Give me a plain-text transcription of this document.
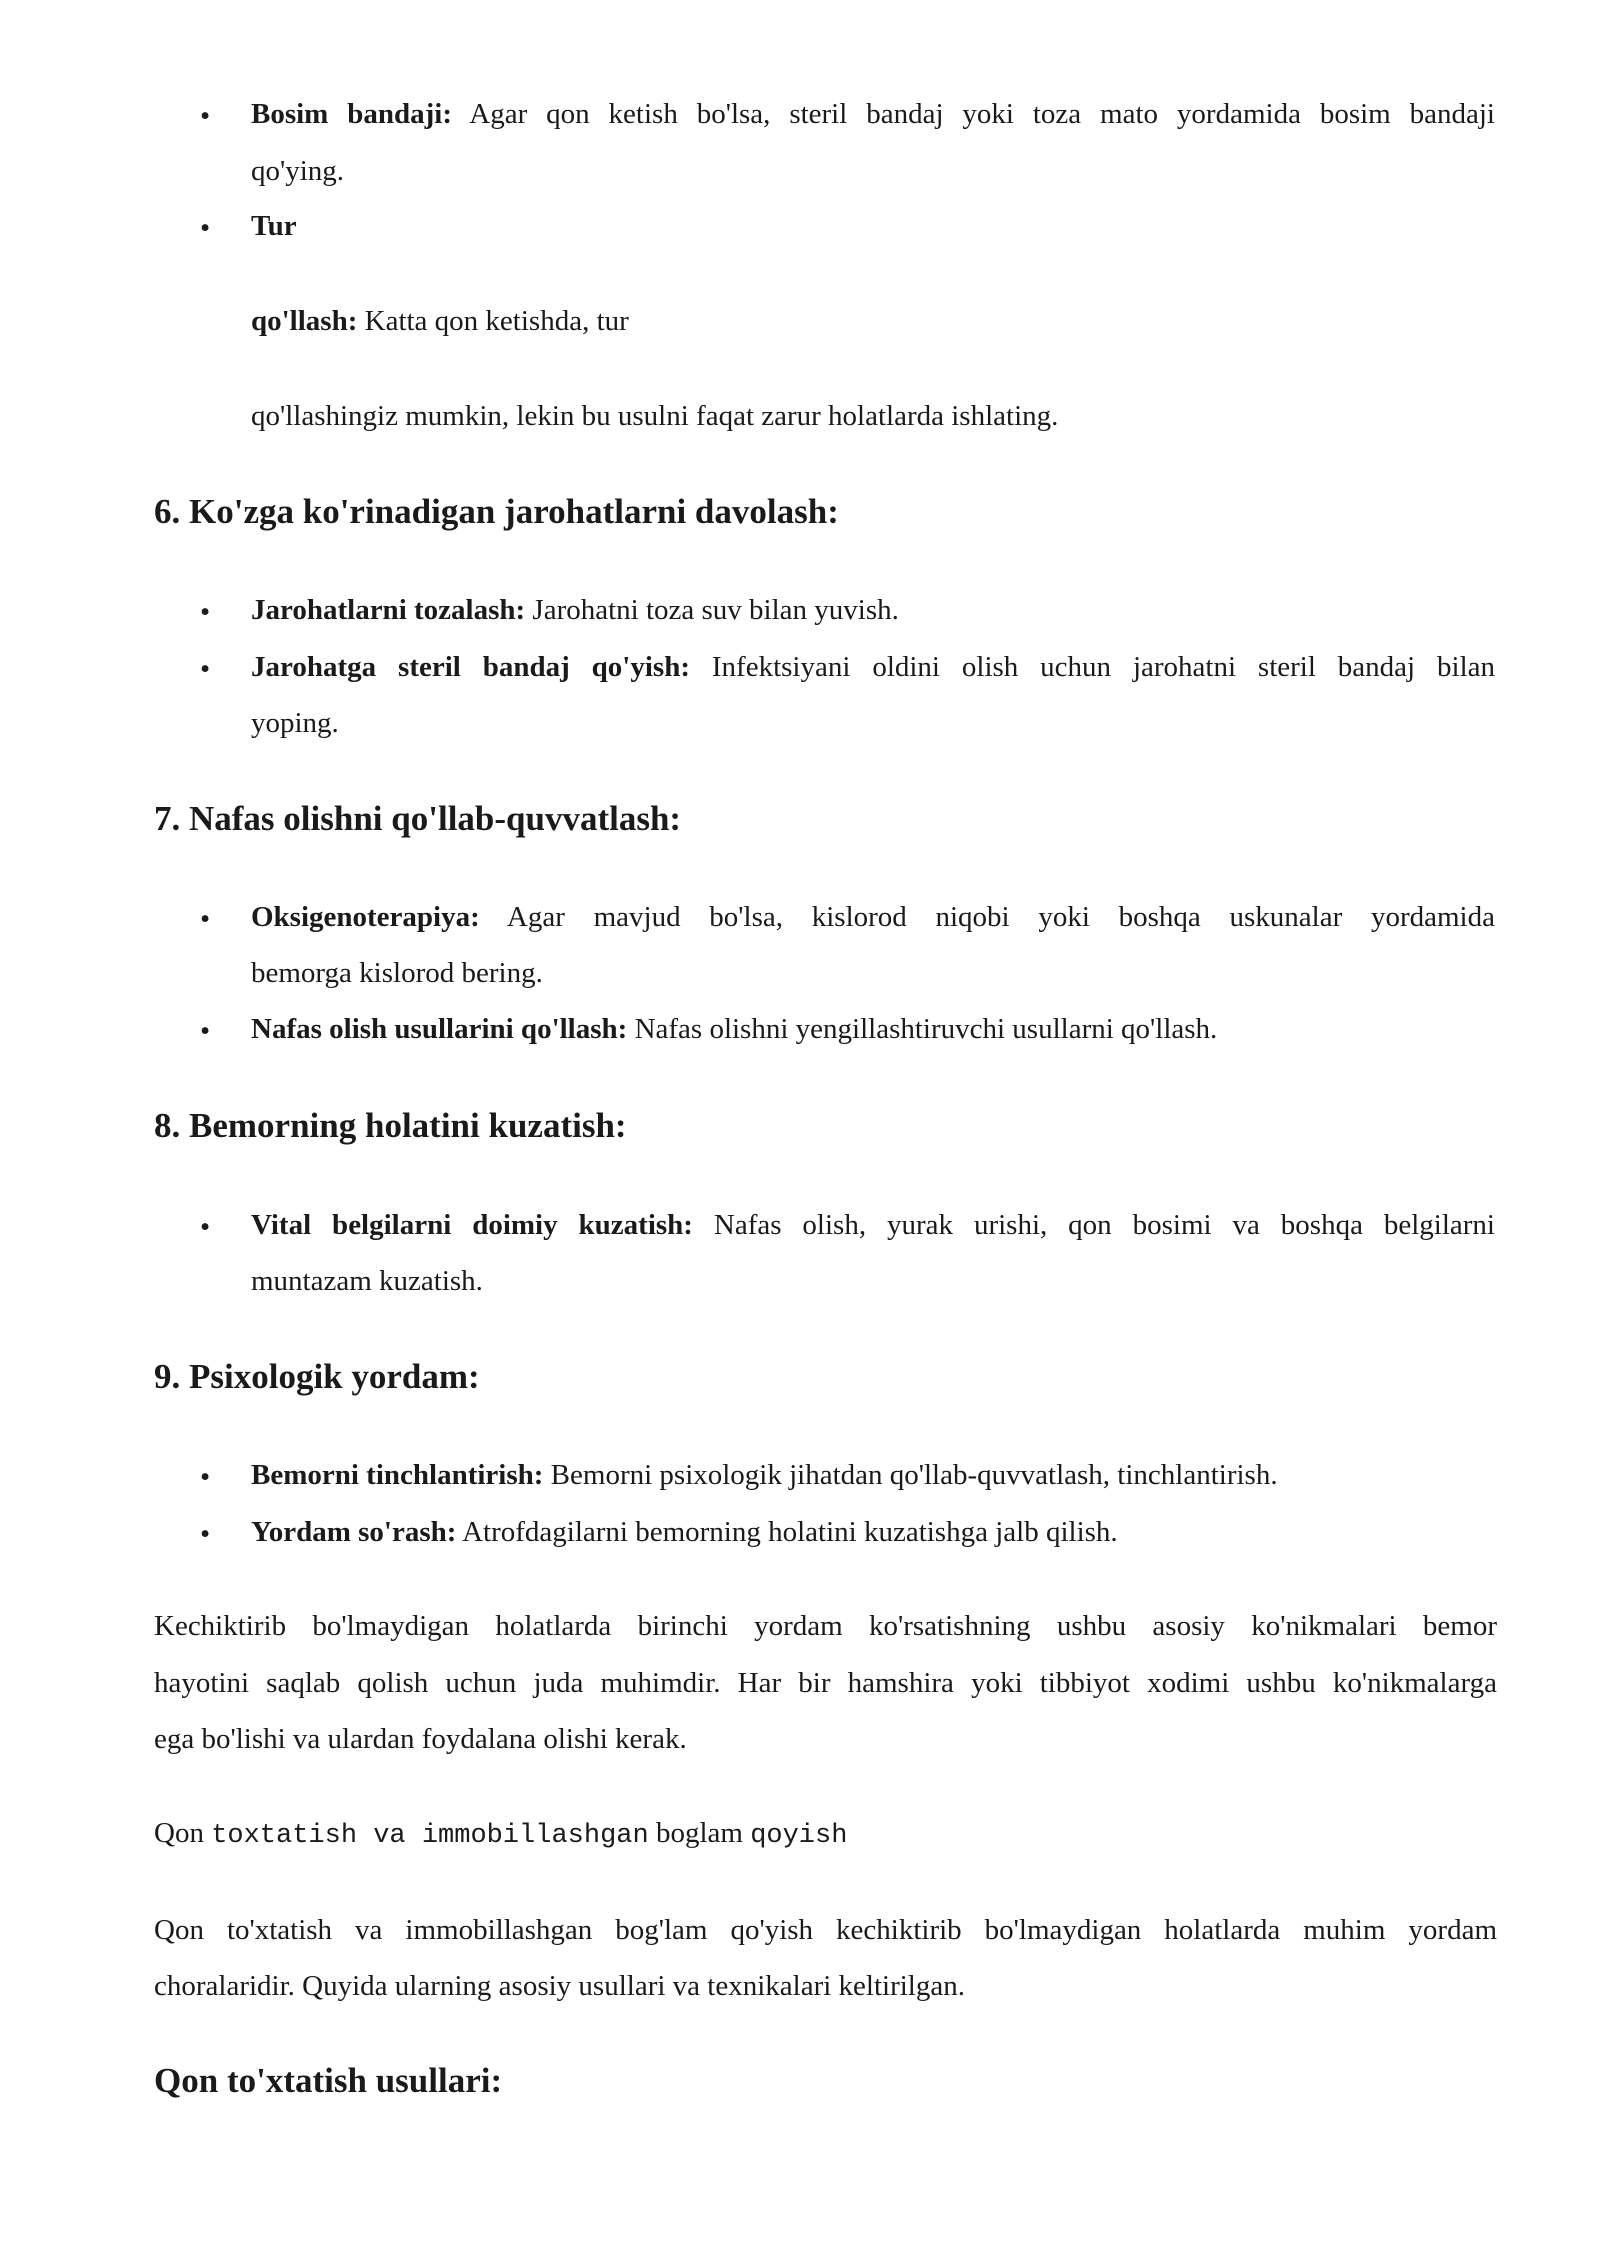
•	Bosim bandaji: Agar qon ketish bo'lsa, steril bandaj yoki toza mato yordamida bosim bandaji

qo'ying.

•	Tur

qo'llash: Katta qon ketishda, tur

qo'llashingiz mumkin, lekin bu usulni faqat zarur holatlarda ishlating.

6. Ko'zga ko'rinadigan jarohatlarni davolash:
•	Jarohatlarni tozalash: Jarohatni toza suv bilan yuvish.

•	Jarohatga steril bandaj qo'yish: Infektsiyani oldini olish uchun jarohatni steril bandaj bilan

yoping.

7. Nafas olishni qo'llab-quvvatlash:
•	Oksigenoterapiya: Agar mavjud bo'lsa, kislorod niqobi yoki boshqa uskunalar yordamida

bemorga kislorod bering.

•	Nafas olish usullarini qo'llash: Nafas olishni yengillashtiruvchi usullarni qo'llash.

8. Bemorning holatini kuzatish:
•	Vital belgilarni doimiy kuzatish: Nafas olish, yurak urishi, qon bosimi va boshqa belgilarni

muntazam kuzatish.

9. Psixologik yordam:
•	Bemorni tinchlantirish: Bemorni psixologik jihatdan qo'llab-quvvatlash, tinchlantirish.

•	Yordam so'rash: Atrofdagilarni bemorning holatini kuzatishga jalb qilish.

Kechiktirib bo'lmaydigan holatlarda birinchi yordam ko'rsatishning ushbu asosiy ko'nikmalari bemor

hayotini saqlab qolish uchun juda muhimdir. Har bir hamshira yoki tibbiyot xodimi ushbu ko'nikmalarga

ega bo'lishi va ulardan foydalana olishi kerak.

Qon toxtatish va immobillashgan boglam qoyish

Qon to'xtatish va immobillashgan bog'lam qo'yish kechiktirib bo'lmaydigan holatlarda muhim yordam

choralaridir. Quyida ularning asosiy usullari va texnikalari keltirilgan.

Qon to'xtatish usullari:
